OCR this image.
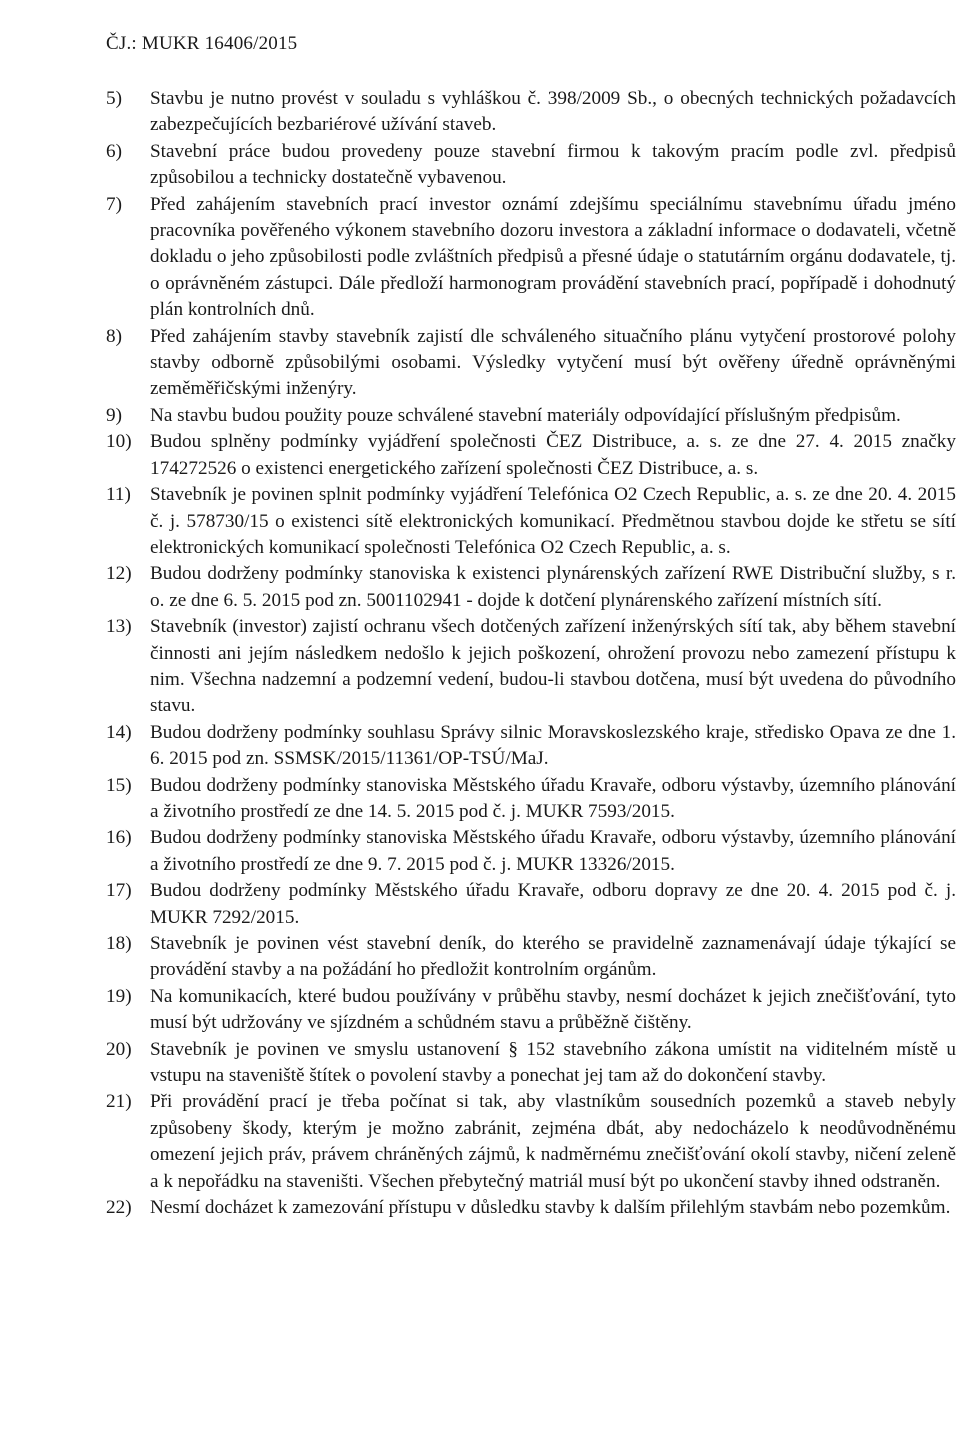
ČJ.: MUKR 16406/2015
5)	Stavbu je nutno provést v souladu s vyhláškou č. 398/2009 Sb., o obecných technických požadavcích zabezpečujících bezbariérové užívání staveb.
6)	Stavební práce budou provedeny pouze stavební firmou k takovým pracím podle zvl. předpisů způsobilou a technicky dostatečně vybavenou.
7)	Před zahájením stavebních prací investor oznámí zdejšímu speciálnímu stavebnímu úřadu jméno pracovníka pověřeného výkonem stavebního dozoru investora a základní informace o dodavateli, včetně dokladu o jeho způsobilosti podle zvláštních předpisů a přesné údaje o statutárním orgánu dodavatele, tj. o oprávněném zástupci. Dále předloží harmonogram provádění stavebních prací, popřípadě i dohodnutý plán kontrolních dnů.
8)	Před zahájením stavby stavebník zajistí dle schváleného situačního plánu vytyčení prostorové polohy stavby odborně způsobilými osobami. Výsledky vytyčení musí být ověřeny úředně oprávněnými zeměměřičskými inženýry.
9)	Na stavbu budou použity pouze schválené stavební materiály odpovídající příslušným předpisům.
10) Budou splněny podmínky vyjádření společnosti ČEZ Distribuce, a. s. ze dne 27. 4. 2015 značky 174272526 o existenci energetického zařízení společnosti ČEZ Distribuce, a. s.
11) Stavebník je povinen splnit podmínky vyjádření Telefónica O2 Czech Republic, a. s. ze dne 20. 4. 2015 č. j. 578730/15 o existenci sítě elektronických komunikací. Předmětnou stavbou dojde ke střetu se sítí elektronických komunikací společnosti Telefónica O2 Czech Republic, a. s.
12) Budou dodrženy podmínky stanoviska k existenci plynárenských zařízení RWE Distribuční služby, s r. o. ze dne 6. 5. 2015 pod zn. 5001102941 - dojde k dotčení plynárenského zařízení místních sítí.
13) Stavebník (investor) zajistí ochranu všech dotčených zařízení inženýrských sítí tak, aby během stavební činnosti ani jejím následkem nedošlo k jejich poškození, ohrožení provozu nebo zamezení přístupu k nim. Všechna nadzemní a podzemní vedení, budou-li stavbou dotčena, musí být uvedena do původního stavu.
14) Budou dodrženy podmínky souhlasu Správy silnic Moravskoslezského kraje, středisko Opava ze dne 1. 6. 2015 pod zn. SSMSK/2015/11361/OP-TSÚ/MaJ.
15) Budou dodrženy podmínky stanoviska Městského úřadu Kravaře, odboru výstavby, územního plánování a životního prostředí ze dne 14. 5. 2015 pod č. j. MUKR 7593/2015.
16) Budou dodrženy podmínky stanoviska Městského úřadu Kravaře, odboru výstavby, územního plánování a životního prostředí ze dne 9. 7. 2015 pod č. j. MUKR 13326/2015.
17) Budou dodrženy podmínky Městského úřadu Kravaře, odboru dopravy ze dne 20. 4. 2015 pod č. j. MUKR 7292/2015.
18) Stavebník je povinen vést stavební deník, do kterého se pravidelně zaznamenávají údaje týkající se provádění stavby a na požádání ho předložit kontrolním orgánům.
19) Na komunikacích, které budou používány v průběhu stavby, nesmí docházet k jejich znečišťování, tyto musí být udržovány ve sjízdném a schůdném stavu a průběžně čištěny.
20) Stavebník je povinen ve smyslu ustanovení § 152 stavebního zákona umístit na viditelném místě u vstupu na staveniště štítek o povolení stavby a ponechat jej tam až do dokončení stavby.
21) Při provádění prací je třeba počínat si tak, aby vlastníkům sousedních pozemků a staveb nebyly způsobeny škody, kterým je možno zabránit, zejména dbát, aby nedocházelo k neodůvodněnému omezení jejich práv, právem chráněných zájmů, k nadměrnému znečišťování okolí stavby, ničení zeleně a k nepořádku na staveništi. Všechen přebytečný matriál musí být po ukončení stavby ihned odstraněn.
22) Nesmí docházet k zamezování přístupu v důsledku stavby k dalším přilehlým stavbám nebo pozemkům.
